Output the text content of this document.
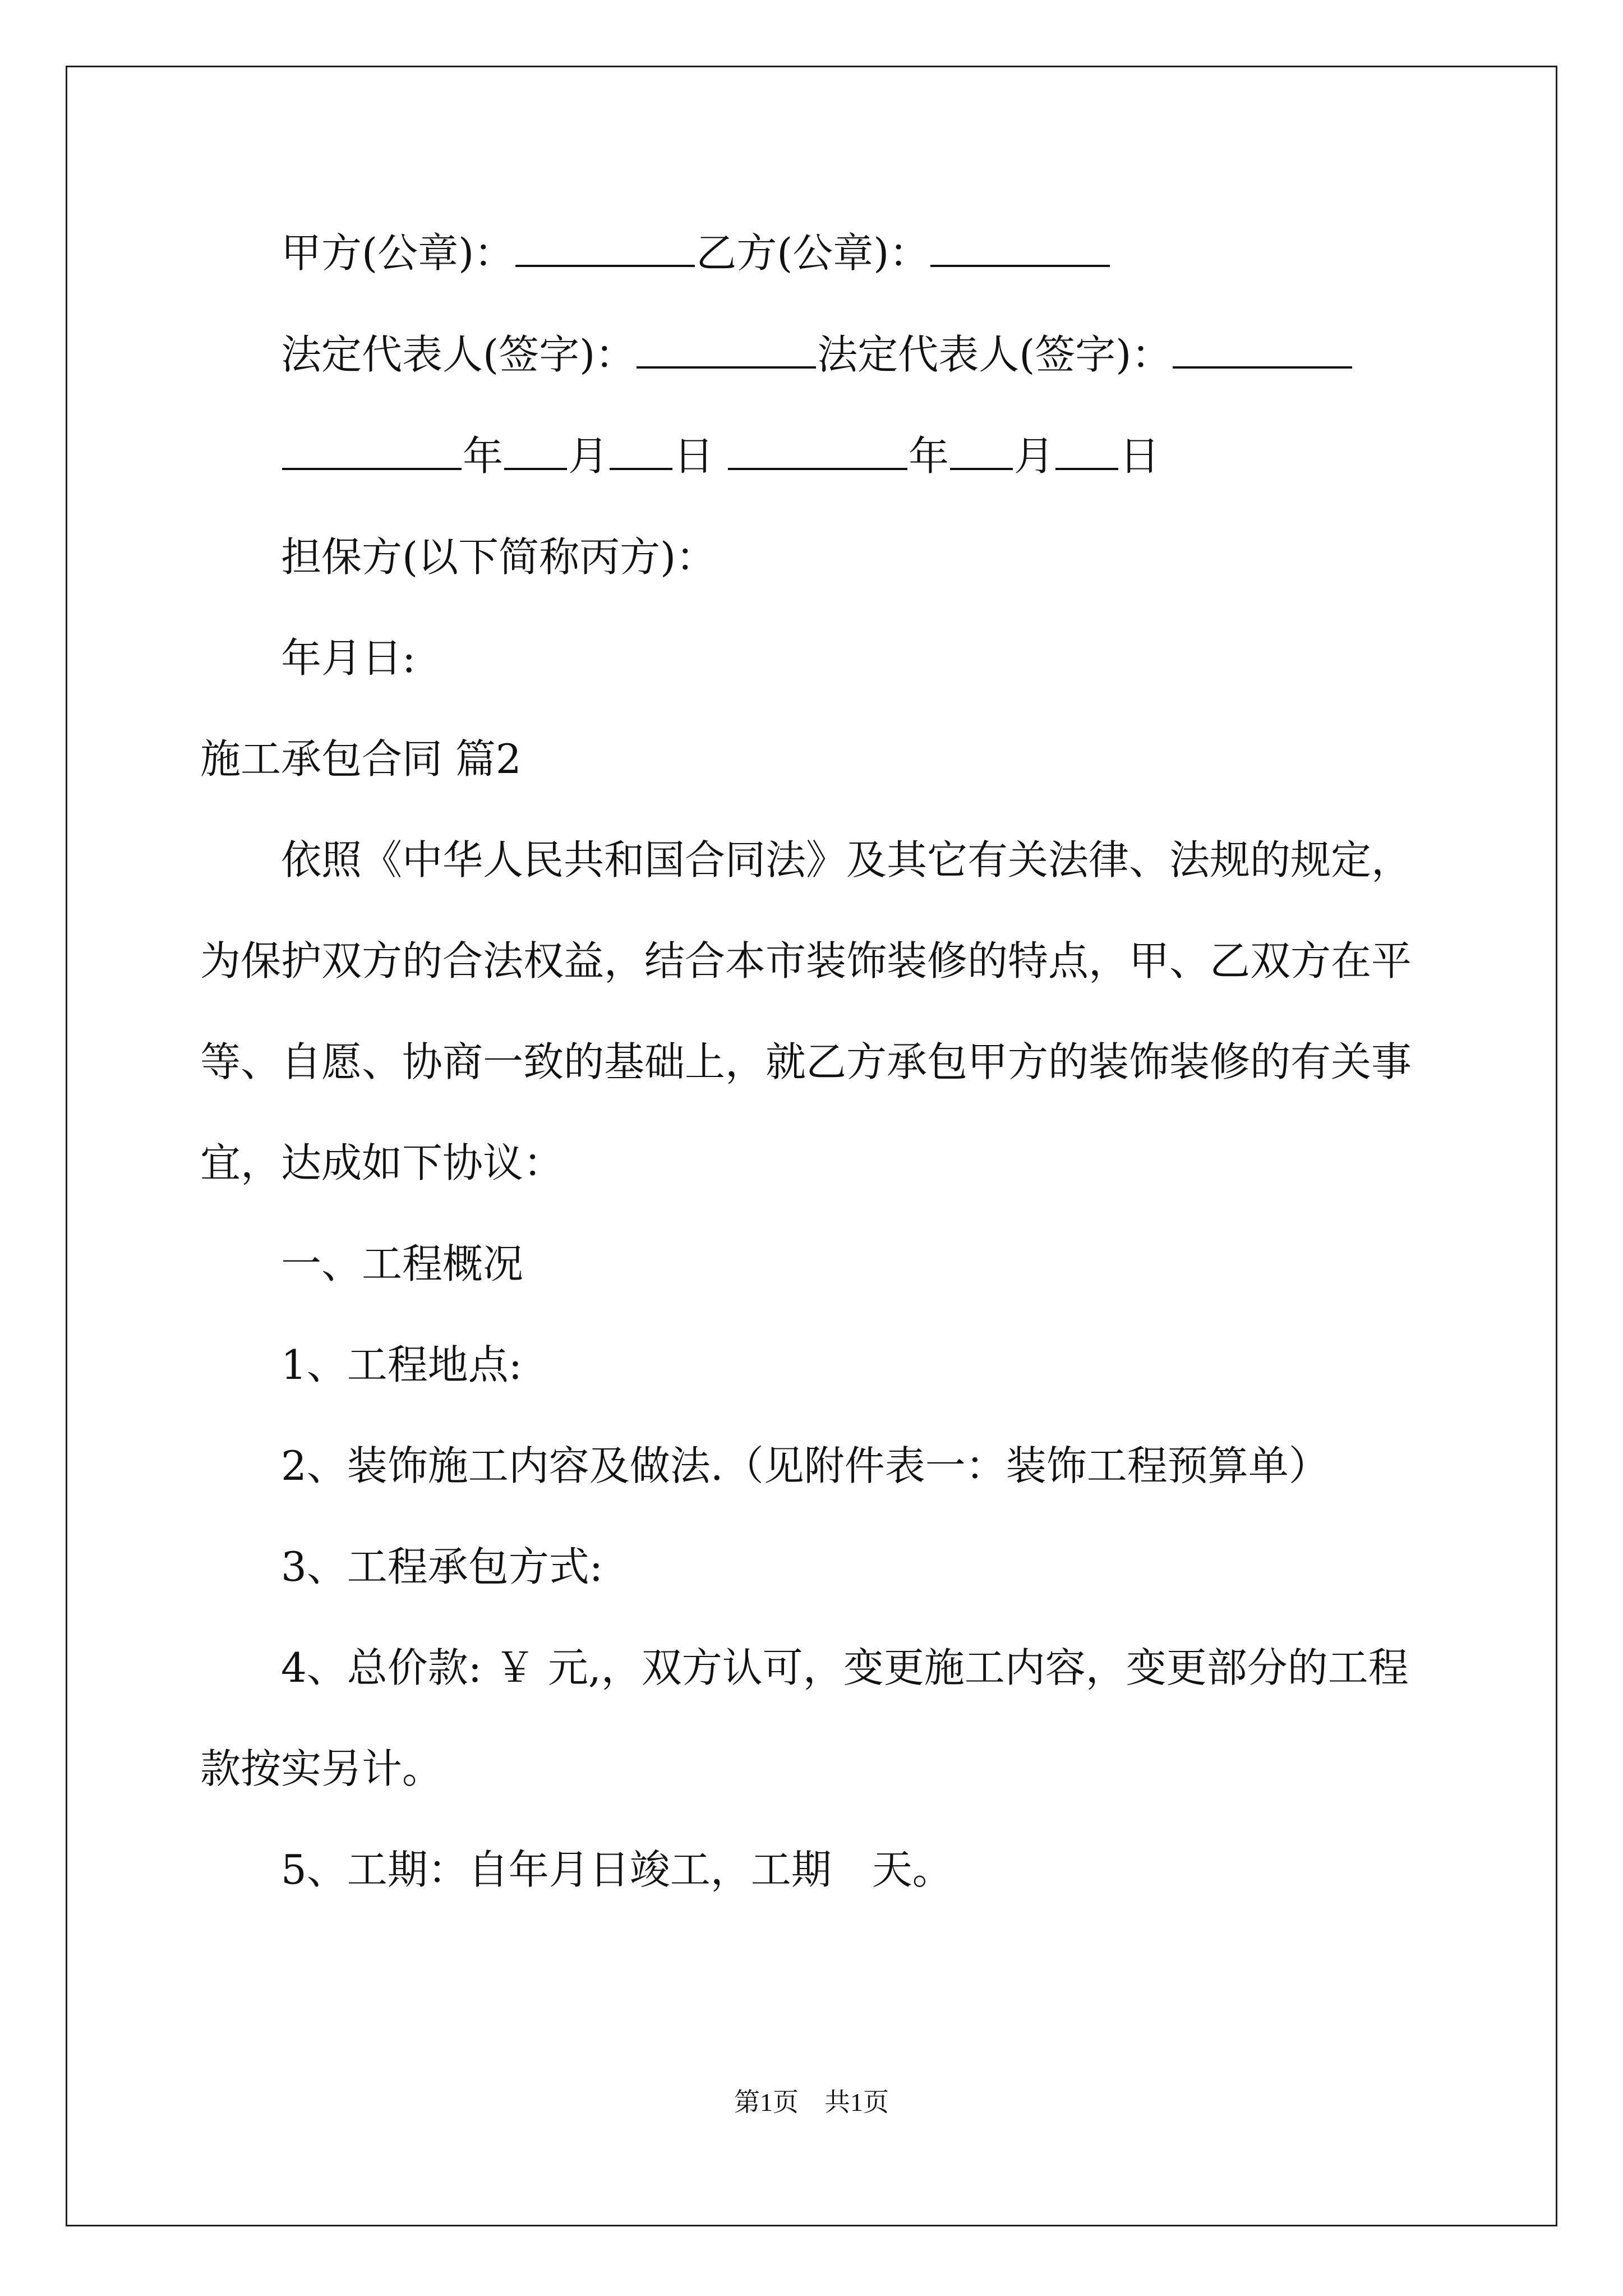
甲方(公章)：	乙方(公章)：
法定代表人(签字)：	法定代表人(签字)：
年 月 日	年 月 日
担保方(以下简称丙方)：
年月日:
施工承包合同 篇2
依照《中华人民共和国合同法》及其它有关法律、法规的规定，
为保护双方的合法权益，结合本市装饰装修的特点，甲、乙双方在平
等、自愿、协商一致的基础上，就乙方承包甲方的装饰装修的有关事
宜，达成如下协议：
一、工程概况
1、工程地点:
2、装饰施工内容及做法.（见附件表一：装饰工程预算单）
3、工程承包方式:
4、总价款: ￥ 元,，双方认可，变更施工内容，变更部分的工程
款按实另计。
5、工期：自年月日竣工，工期　天。
第1页　共1页
